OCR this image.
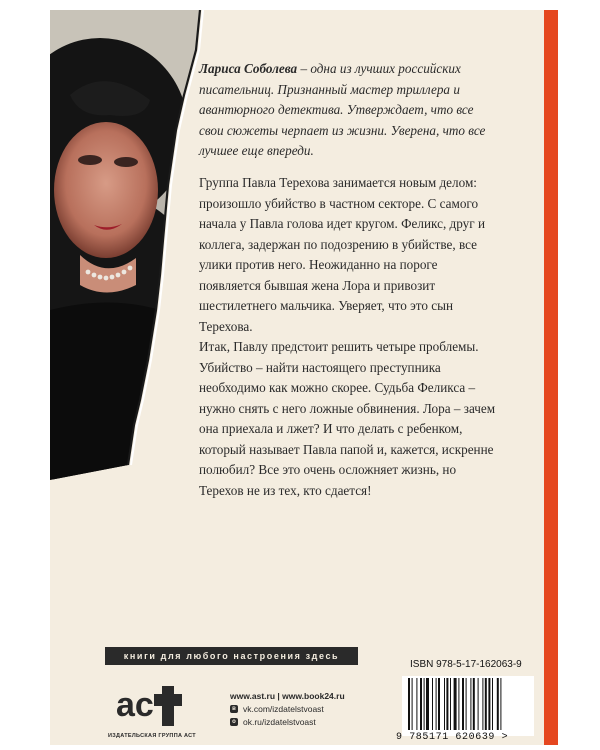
Лариса Соболева – одна из лучших российских писательниц. Признанный мастер триллера и авантюрного детектива. Утверждает, что все свои сюжеты черпает из жизни. Уверена, что все лучшее еще впереди.

Группа Павла Терехова занимается новым делом: произошло убийство в частном секторе. С самого начала у Павла голова идет кругом. Феликс, друг и коллега, задержан по подозрению в убийстве, все улики против него. Неожиданно на пороге появляется бывшая жена Лора и привозит шестилетнего мальчика. Уверяет, что это сын Терехова.

Итак, Павлу предстоит решить четыре проблемы. Убийство – найти настоящего преступника необходимо как можно скорее. Судьба Феликса – нужно снять с него ложные обвинения. Лора – зачем она приехала и лжет? И что делать с ребенком, который называет Павла папой и, кажется, искренне полюбил? Все это очень осложняет жизнь, но Терехов не из тех, кто сдается!

книги для любого настроения здесь
ас
ИЗДАТЕЛЬСКАЯ ГРУППА АСТ
www.ast.ru | www.book24.ru
в vk.com/izdatelstvoast
о ok.ru/izdatelstvoast
ISBN 978-5-17-162063-9
9 785171 620639 >
